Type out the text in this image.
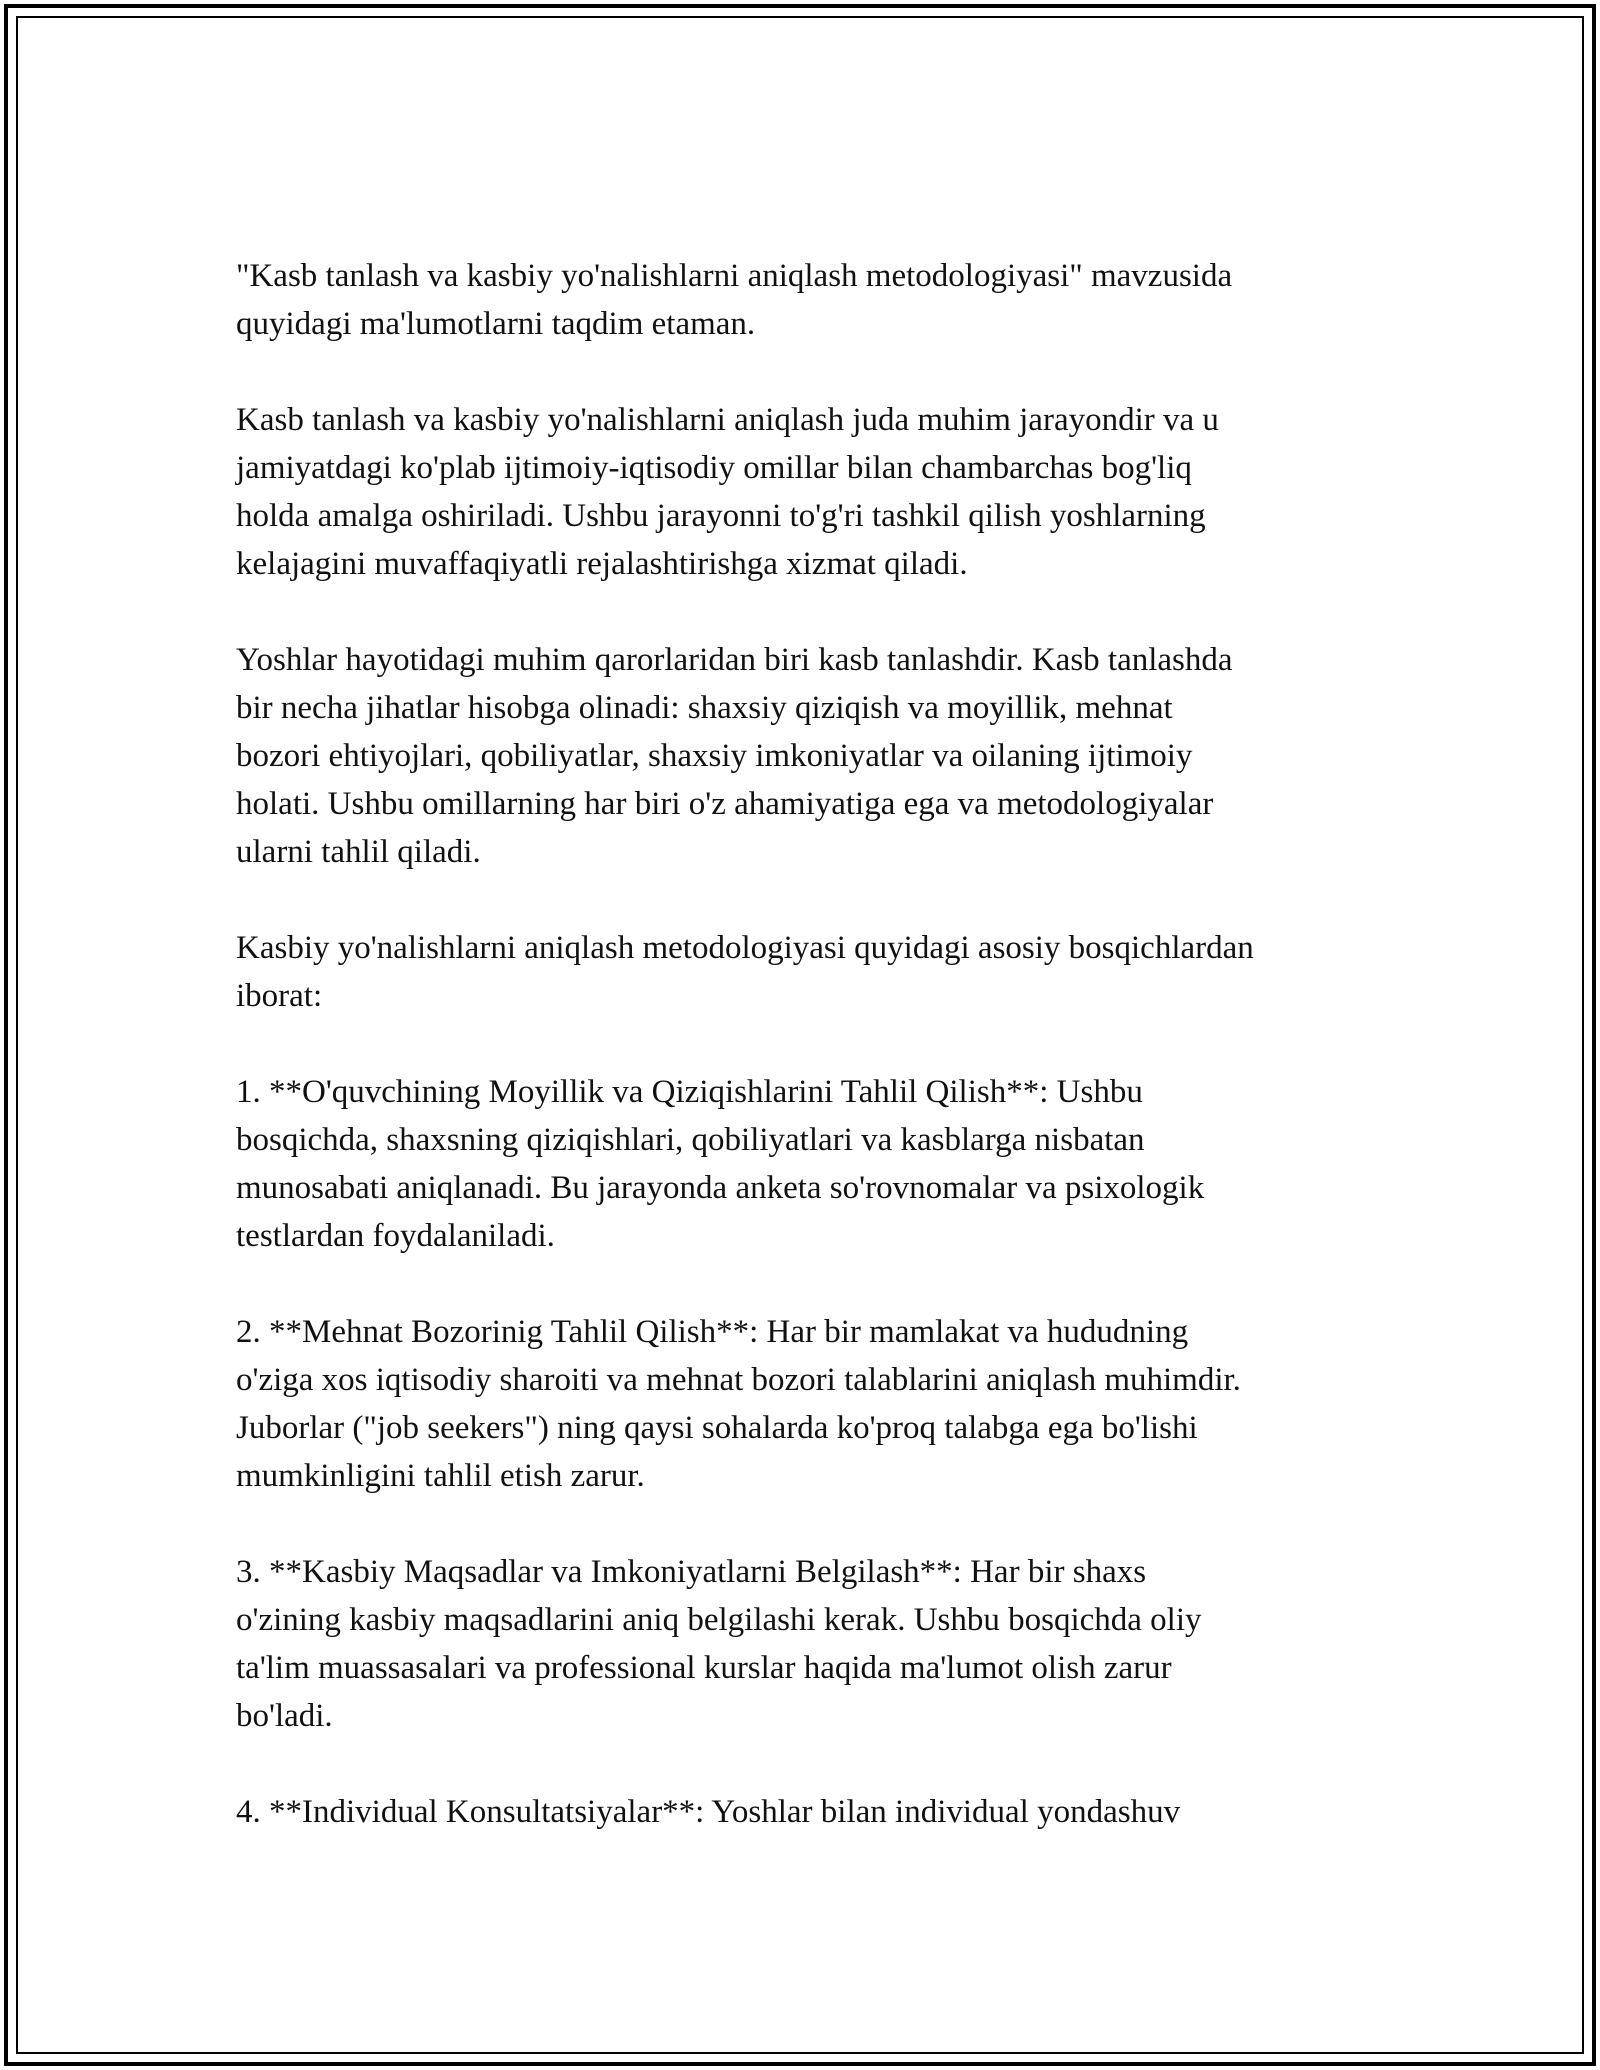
"Kasb tanlash va kasbiy yo'nalishlarni aniqlash metodologiyasi" mavzusida
quyidagi ma'lumotlarni taqdim etaman.

Kasb tanlash va kasbiy yo'nalishlarni aniqlash juda muhim jarayondir va u
jamiyatdagi ko'plab ijtimoiy-iqtisodiy omillar bilan chambarchas bog'liq
holda amalga oshiriladi. Ushbu jarayonni to'g'ri tashkil qilish yoshlarning
kelajagini muvaffaqiyatli rejalashtirishga xizmat qiladi.

Yoshlar hayotidagi muhim qarorlaridan biri kasb tanlashdir. Kasb tanlashda
bir necha jihatlar hisobga olinadi: shaxsiy qiziqish va moyillik, mehnat
bozori ehtiyojlari, qobiliyatlar, shaxsiy imkoniyatlar va oilaning ijtimoiy
holati. Ushbu omillarning har biri o'z ahamiyatiga ega va metodologiyalar
ularni tahlil qiladi.

Kasbiy yo'nalishlarni aniqlash metodologiyasi quyidagi asosiy bosqichlardan
iborat:

1. **O'quvchining Moyillik va Qiziqishlarini Tahlil Qilish**: Ushbu
bosqichda, shaxsning qiziqishlari, qobiliyatlari va kasblarga nisbatan
munosabati aniqlanadi. Bu jarayonda anketa so'rovnomalar va psixologik
testlardan foydalaniladi.

2. **Mehnat Bozorinig Tahlil Qilish**: Har bir mamlakat va hududning
o'ziga xos iqtisodiy sharoiti va mehnat bozori talablarini aniqlash muhimdir.
Juborlar ("job seekers") ning qaysi sohalarda ko'proq talabga ega bo'lishi
mumkinligini tahlil etish zarur.

3. **Kasbiy Maqsadlar va Imkoniyatlarni Belgilash**: Har bir shaxs
o'zining kasbiy maqsadlarini aniq belgilashi kerak. Ushbu bosqichda oliy
ta'lim muassasalari va professional kurslar haqida ma'lumot olish zarur
bo'ladi.

4. **Individual Konsultatsiyalar**: Yoshlar bilan individual yondashuv
